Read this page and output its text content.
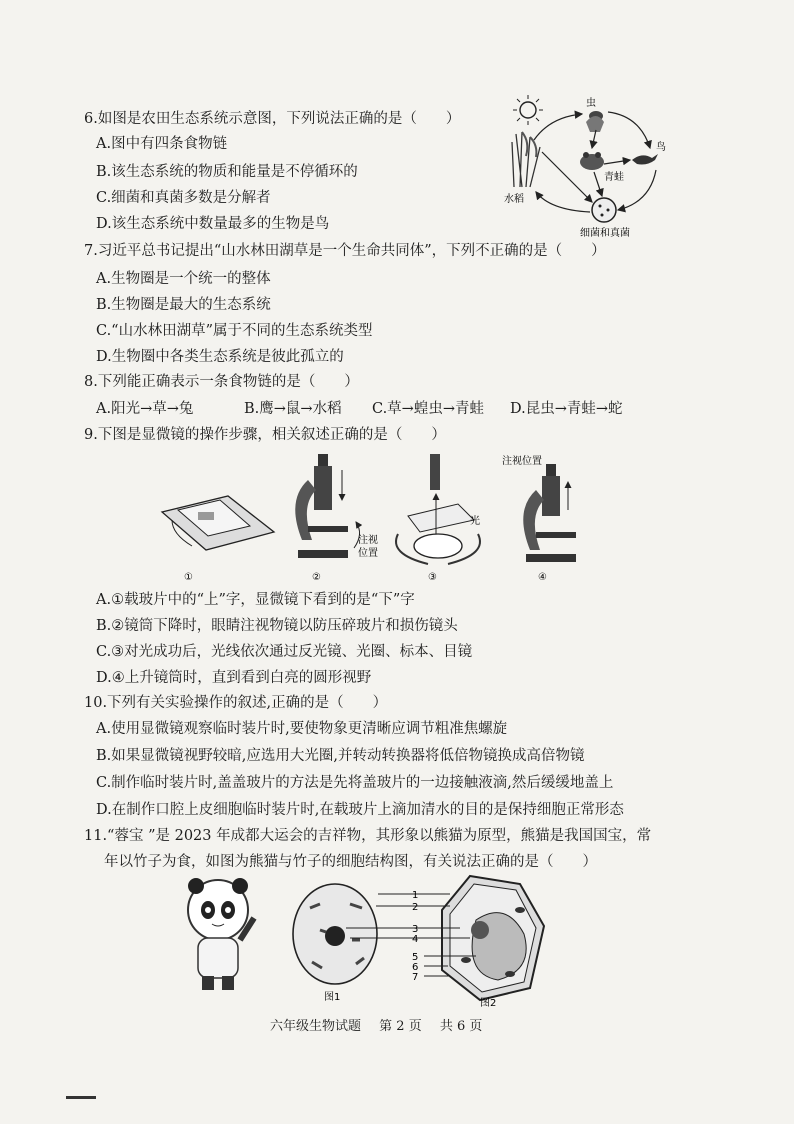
6.如图是农田生态系统示意图，下列说法正确的是（　　）
A.图中有四条食物链
B.该生态系统的物质和能量是不停循环的
C.细菌和真菌多数是分解者
D.该生态系统中数量最多的生物是鸟
虫
鸟
青蛙
水稻
细菌和真菌
7.习近平总书记提出“山水林田湖草是一个生命共同体”，下列不正确的是（　　）
A.生物圈是一个统一的整体
B.生物圈是最大的生态系统
C.“山水林田湖草”属于不同的生态系统类型
D.生物圈中各类生态系统是彼此孤立的
8.下列能正确表示一条食物链的是（　　）
A.阳光→草→兔	B.鹰→鼠→水稻 C.草→蝗虫→青蛙 D.昆虫→青蛙→蛇
9.下图是显微镜的操作步骤，相关叙述正确的是（　　）
注视
位置
光
注视位置
①	②	③	④
A.①载玻片中的“上”字，显微镜下看到的是“下”字
B.②镜筒下降时，眼睛注视物镜以防压碎玻片和损伤镜头
C.③对光成功后，光线依次通过反光镜、光圈、标本、目镜
D.④上升镜筒时，直到看到白亮的圆形视野
10.下列有关实验操作的叙述,正确的是（　　）
A.使用显微镜观察临时装片时,要使物象更清晰应调节粗准焦螺旋
B.如果显微镜视野较暗,应选用大光圈,并转动转换器将低倍物镜换成高倍物镜
C.制作临时装片时,盖盖玻片的方法是先将盖玻片的一边接触液滴,然后缓缓地盖上
D.在制作口腔上皮细胞临时装片时,在载玻片上滴加清水的目的是保持细胞正常形态
11.“蓉宝 ”是 2023 年成都大运会的吉祥物，其形象以熊猫为原型，熊猫是我国国宝，常
年以竹子为食，如图为熊猫与竹子的细胞结构图，有关说法正确的是（　　）
1
2
3
4
5
6
7
图1
图2
六年级生物试题 第 2 页 共 6 页
